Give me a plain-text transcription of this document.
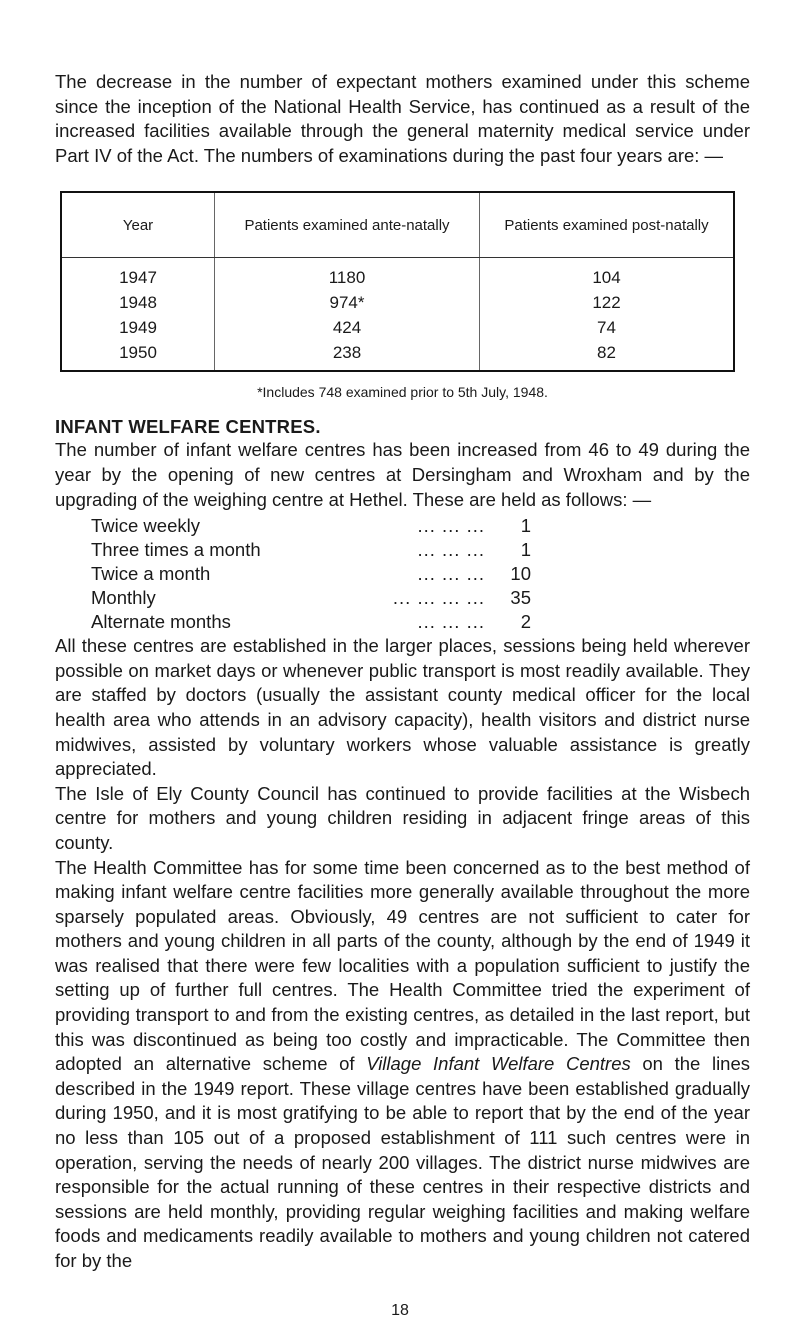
The decrease in the number of expectant mothers examined under this scheme since the inception of the National Health Service, has continued as a result of the increased facilities available through the general maternity medical service under Part IV of the Act. The numbers of examinations during the past four years are: —

Year	Patients examined ante-natally	Patients examined post-natally
1947	1180	104
1948	974*	122
1949	424	74
1950	238	82

*Includes 748 examined prior to 5th July, 1948.

INFANT WELFARE CENTRES.

The number of infant welfare centres has been increased from 46 to 49 during the year by the opening of new centres at Dersingham and Wroxham and by the upgrading of the weighing centre at Hethel. These are held as follows: —

Twice weekly	... ... ...	1
Three times a month	... ... ...	1
Twice a month	... ... ...	10
Monthly	... ... ... ...	35
Alternate months	... ... ...	2

All these centres are established in the larger places, sessions being held wherever possible on market days or whenever public transport is most readily available. They are staffed by doctors (usually the assistant county medical officer for the local health area who attends in an advisory capacity), health visitors and district nurse midwives, assisted by voluntary workers whose valuable assistance is greatly appreciated.

The Isle of Ely County Council has continued to provide facilities at the Wisbech centre for mothers and young children residing in adjacent fringe areas of this county.

The Health Committee has for some time been concerned as to the best method of making infant welfare centre facilities more generally available throughout the more sparsely populated areas. Obviously, 49 centres are not sufficient to cater for mothers and young children in all parts of the county, although by the end of 1949 it was realised that there were few localities with a population sufficient to justify the setting up of further full centres. The Health Committee tried the experiment of providing transport to and from the existing centres, as detailed in the last report, but this was discontinued as being too costly and impracticable. The Committee then adopted an alternative scheme of Village Infant Welfare Centres on the lines described in the 1949 report. These village centres have been established gradually during 1950, and it is most gratifying to be able to report that by the end of the year no less than 105 out of a proposed establishment of 111 such centres were in operation, serving the needs of nearly 200 villages. The district nurse midwives are responsible for the actual running of these centres in their respective districts and sessions are held monthly, providing regular weighing facilities and making welfare foods and medicaments readily available to mothers and young children not catered for by the

18
